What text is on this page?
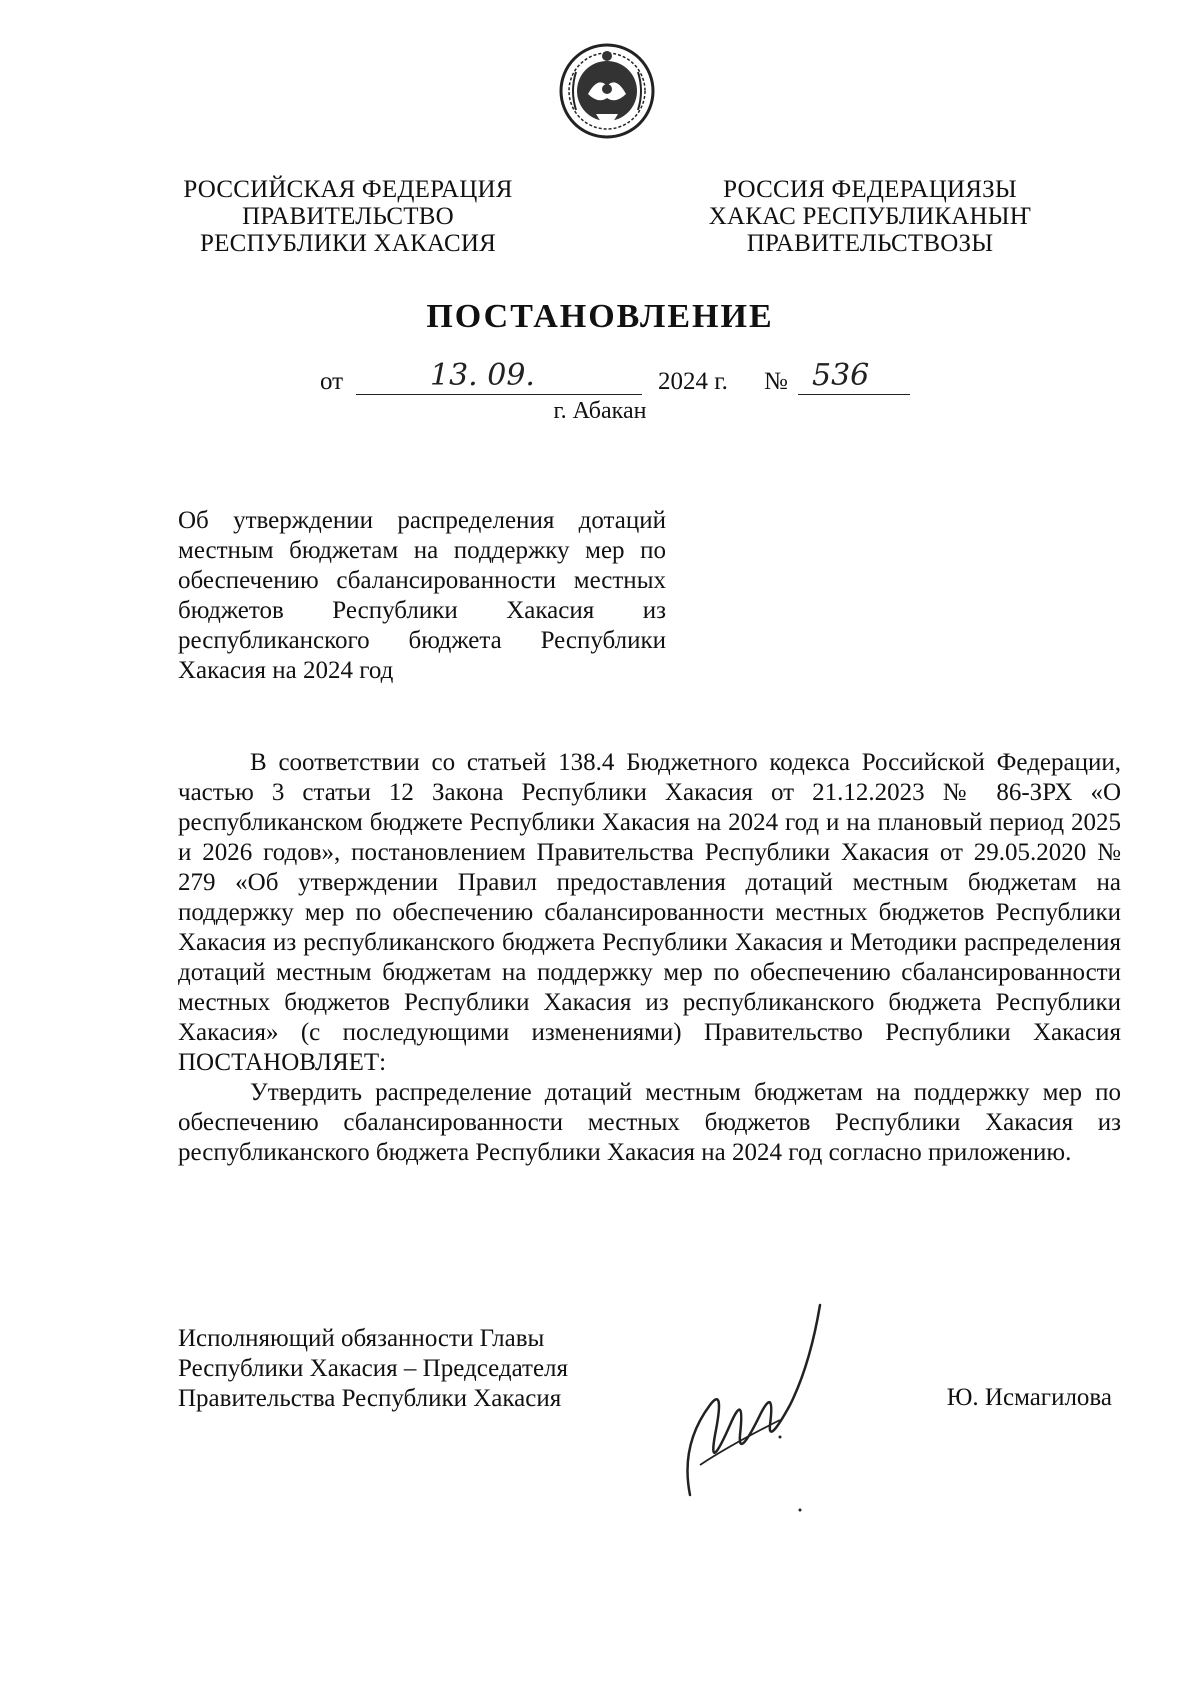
РОССИЙСКАЯ ФЕДЕРАЦИЯ
ПРАВИТЕЛЬСТВО
РЕСПУБЛИКИ ХАКАСИЯ
РОССИЯ ФЕДЕРАЦИЯЗЫ
ХАКАС РЕСПУБЛИКАНЫҤ
ПРАВИТЕЛЬСТВОЗЫ
ПОСТАНОВЛЕНИЕ
от	13. 09.	2024 г. № 536
г. Абакан
Об утверждении распределения дотаций местным бюджетам на поддержку мер по обеспечению сбалансированности местных бюджетов Республики Хакасия из республиканского бюджета Республики Хакасия на 2024 год

В соответствии со статьей 138.4 Бюджетного кодекса Российской Федерации, частью 3 статьи 12 Закона Республики Хакасия от 21.12.2023 № 86-ЗРХ «О республиканском бюджете Республики Хакасия на 2024 год и на плановый период 2025 и 2026 годов», постановлением Правительства Республики Хакасия от 29.05.2020 № 279 «Об утверждении Правил предоставления дотаций местным бюджетам на поддержку мер по обеспечению сбалансированности местных бюджетов Республики Хакасия из республиканского бюджета Республики Хакасия и Методики распределения дотаций местным бюджетам на поддержку мер по обеспечению сбалансированности местных бюджетов Республики Хакасия из республиканского бюджета Республики Хакасия» (с последующими изменениями) Правительство Республики Хакасия ПОСТАНОВЛЯЕТ:

Утвердить распределение дотаций местным бюджетам на поддержку мер по обеспечению сбалансированности местных бюджетов Республики Хакасия из республиканского бюджета Республики Хакасия на 2024 год согласно приложению.

Исполняющий обязанности Главы
Республики Хакасия – Председателя
Правительства Республики Хакасия	Ю. Исмагилова
